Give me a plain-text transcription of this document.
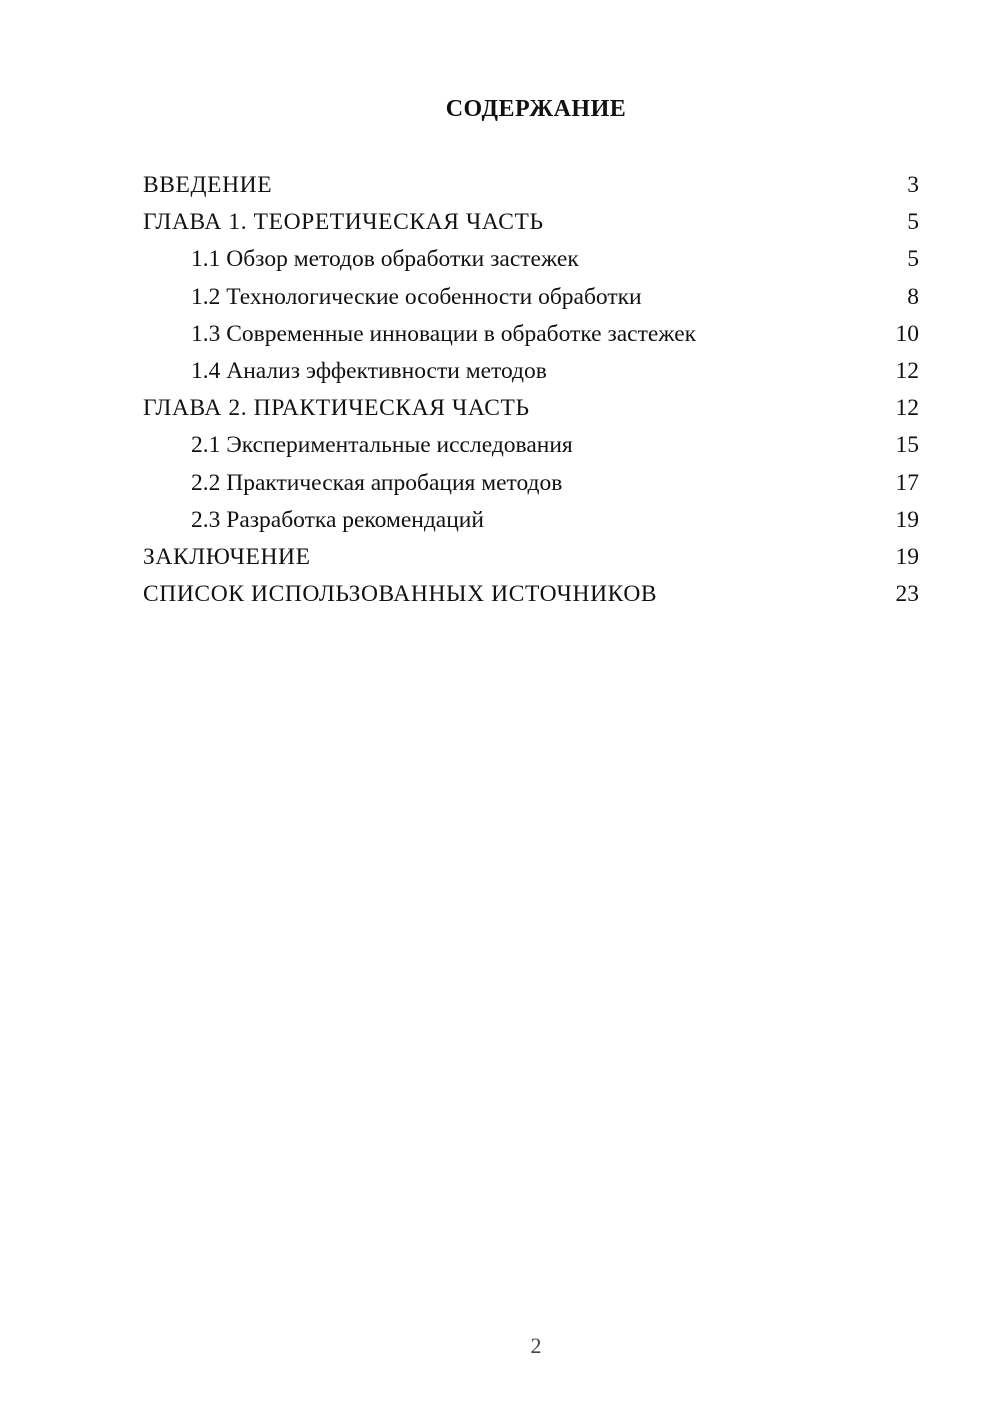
СОДЕРЖАНИЕ
ВВЕДЕНИЕ	3
ГЛАВА 1. ТЕОРЕТИЧЕСКАЯ ЧАСТЬ	5
1.1 Обзор методов обработки застежек	5
1.2 Технологические особенности обработки	8
1.3 Современные инновации в обработке застежек	10
1.4 Анализ эффективности методов	12
ГЛАВА 2. ПРАКТИЧЕСКАЯ ЧАСТЬ	12
2.1 Экспериментальные исследования	15
2.2 Практическая апробация методов	17
2.3 Разработка рекомендаций	19
ЗАКЛЮЧЕНИЕ	19
СПИСОК ИСПОЛЬЗОВАННЫХ ИСТОЧНИКОВ	23
2
